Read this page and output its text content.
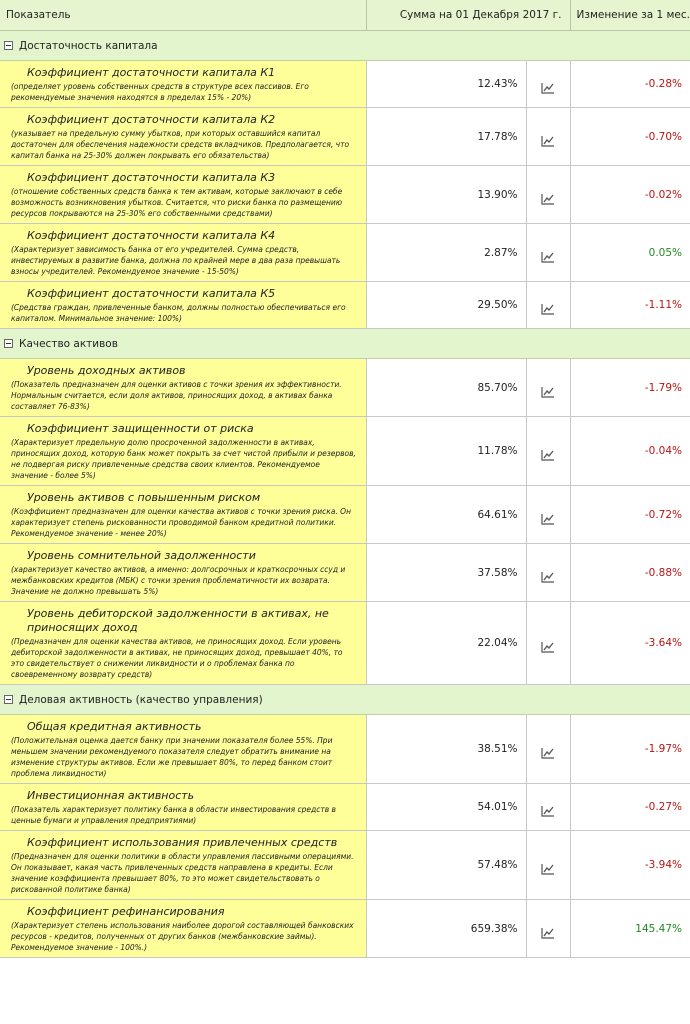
Показатель	Сумма на 01 Декабря 2017 г.		Изменение за 1 мес.

Достаточность капитала			

Коэффициент достаточности капитала К1
(определяет уровень собственных средств в структуре всех пассивов. Его рекомендуемые значения находятся в пределах 15% - 20%)	12.43%		-0.28%

Коэффициент достаточности капитала К2
(указывает на предельную сумму убытков, при которых оставшийся капитал достаточен для обеспечения надежности средств вкладчиков. Предполагается, что капитал банка на 25-30% должен покрывать его обязательства)	17.78%		-0.70%

Коэффициент достаточности капитала К3
(отношение собственных средств банка к тем активам, которые заключают в себе возможность возникновения убытков. Считается, что риски банка по размещению ресурсов покрываются на 25-30% его собственными средствами)	13.90%		-0.02%

Коэффициент достаточности капитала К4
(Характеризует зависимость банка от его учредителей. Сумма средств, инвестируемых в развитие банка, должна по крайней мере в два раза превышать взносы учредителей. Рекомендуемое значение - 15-50%)	2.87%		0.05%

Коэффициент достаточности капитала К5
(Средства граждан, привлеченные банком, должны полностью обеспечиваться его капиталом. Минимальное значение: 100%)	29.50%		-1.11%

Качество активов			

Уровень доходных активов
(Показатель предназначен для оценки активов с точки зрения их эффективности. Нормальным считается, если доля активов, приносящих доход, в активах банка составляет 76-83%)	85.70%		-1.79%

Коэффициент защищенности от риска
(Характеризует предельную долю просроченной задолженности в активах, приносящих доход, которую банк может покрыть за счет чистой прибыли и резервов, не подвергая риску привлеченные средства своих клиентов. Рекомендуемое значение - более 5%)	11.78%		-0.04%

Уровень активов с повышенным риском
(Коэффициент предназначен для оценки качества активов с точки зрения риска. Он характеризует степень рискованности проводимой банком кредитной политики. Рекомендуемое значение - менее 20%)	64.61%		-0.72%

Уровень сомнительной задолженности
(характеризует качество активов, а именно: долгосрочных и краткосрочных ссуд и межбанковских кредитов (МБК) с точки зрения проблематичности их возврата. Значение не должно превышать 5%)	37.58%		-0.88%

Уровень дебиторской задолженности в активах, не приносящих доход
(Предназначен для оценки качества активов, не приносящих доход. Если уровень дебиторской задолженности в активах, не приносящих доход, превышает 40%, то это свидетельствует о снижении ликвидности и о проблемах банка по своевременному возврату средств)	22.04%		-3.64%

Деловая активность (качество управления)			

Общая кредитная активность
(Положительная оценка дается банку при значении показателя более 55%. При меньшем значении рекомендуемого показателя следует обратить внимание на изменение структуры активов. Если же превышает 80%, то перед банком стоит проблема ликвидности)	38.51%		-1.97%

Инвестиционная активность
(Показатель характеризует политику банка в области инвестирования средств в ценные бумаги и управления предприятиями)	54.01%		-0.27%

Коэффициент использования привлеченных средств
(Предназначен для оценки политики в области управления пассивными операциями. Он показывает, какая часть привлеченных средств направлена в кредиты. Если значение коэффициента превышает 80%, то это может свидетельствовать о рискованной политике банка)	57.48%		-3.94%

Коэффициент рефинансирования
(Характеризует степень использования наиболее дорогой составляющей банковских ресурсов - кредитов, полученных от других банков (межбанковские займы). Рекомендуемое значение - 100%.)	659.38%		145.47%
